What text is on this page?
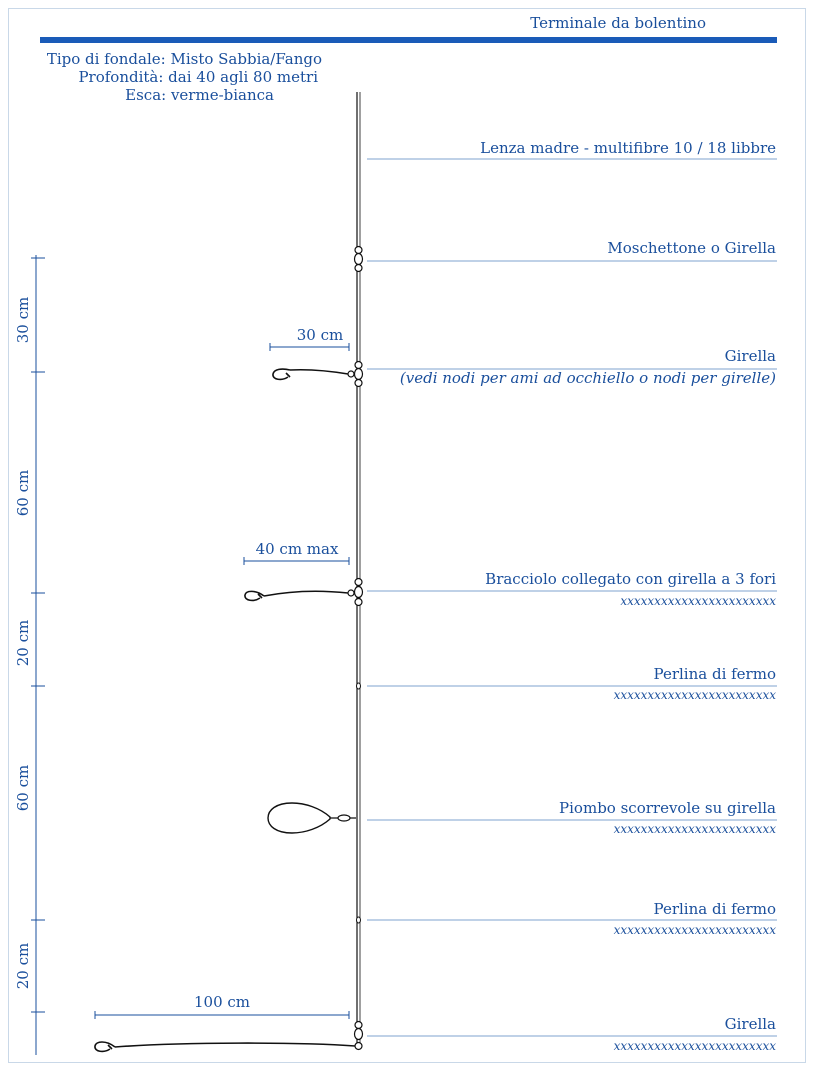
Terminale da bolentino
Tipo di fondale: Misto Sabbia/Fango
Profondità: dai 40 agli 80 metri
Esca: verme-bianca
Lenza madre - multifibre 10 / 18 libbre
Moschettone o Girella
Girella
(vedi nodi per ami ad occhiello o nodi per girelle)
Bracciolo collegato con girella a 3 fori
xxxxxxxxxxxxxxxxxxxxxxx
Perlina di fermo
xxxxxxxxxxxxxxxxxxxxxxxx
Piombo scorrevole su girella
xxxxxxxxxxxxxxxxxxxxxxxx
Perlina di fermo
xxxxxxxxxxxxxxxxxxxxxxxx
Girella
xxxxxxxxxxxxxxxxxxxxxxxx
30 cm
40 cm max
100 cm
30 cm
60 cm
20 cm
60 cm
20 cm
